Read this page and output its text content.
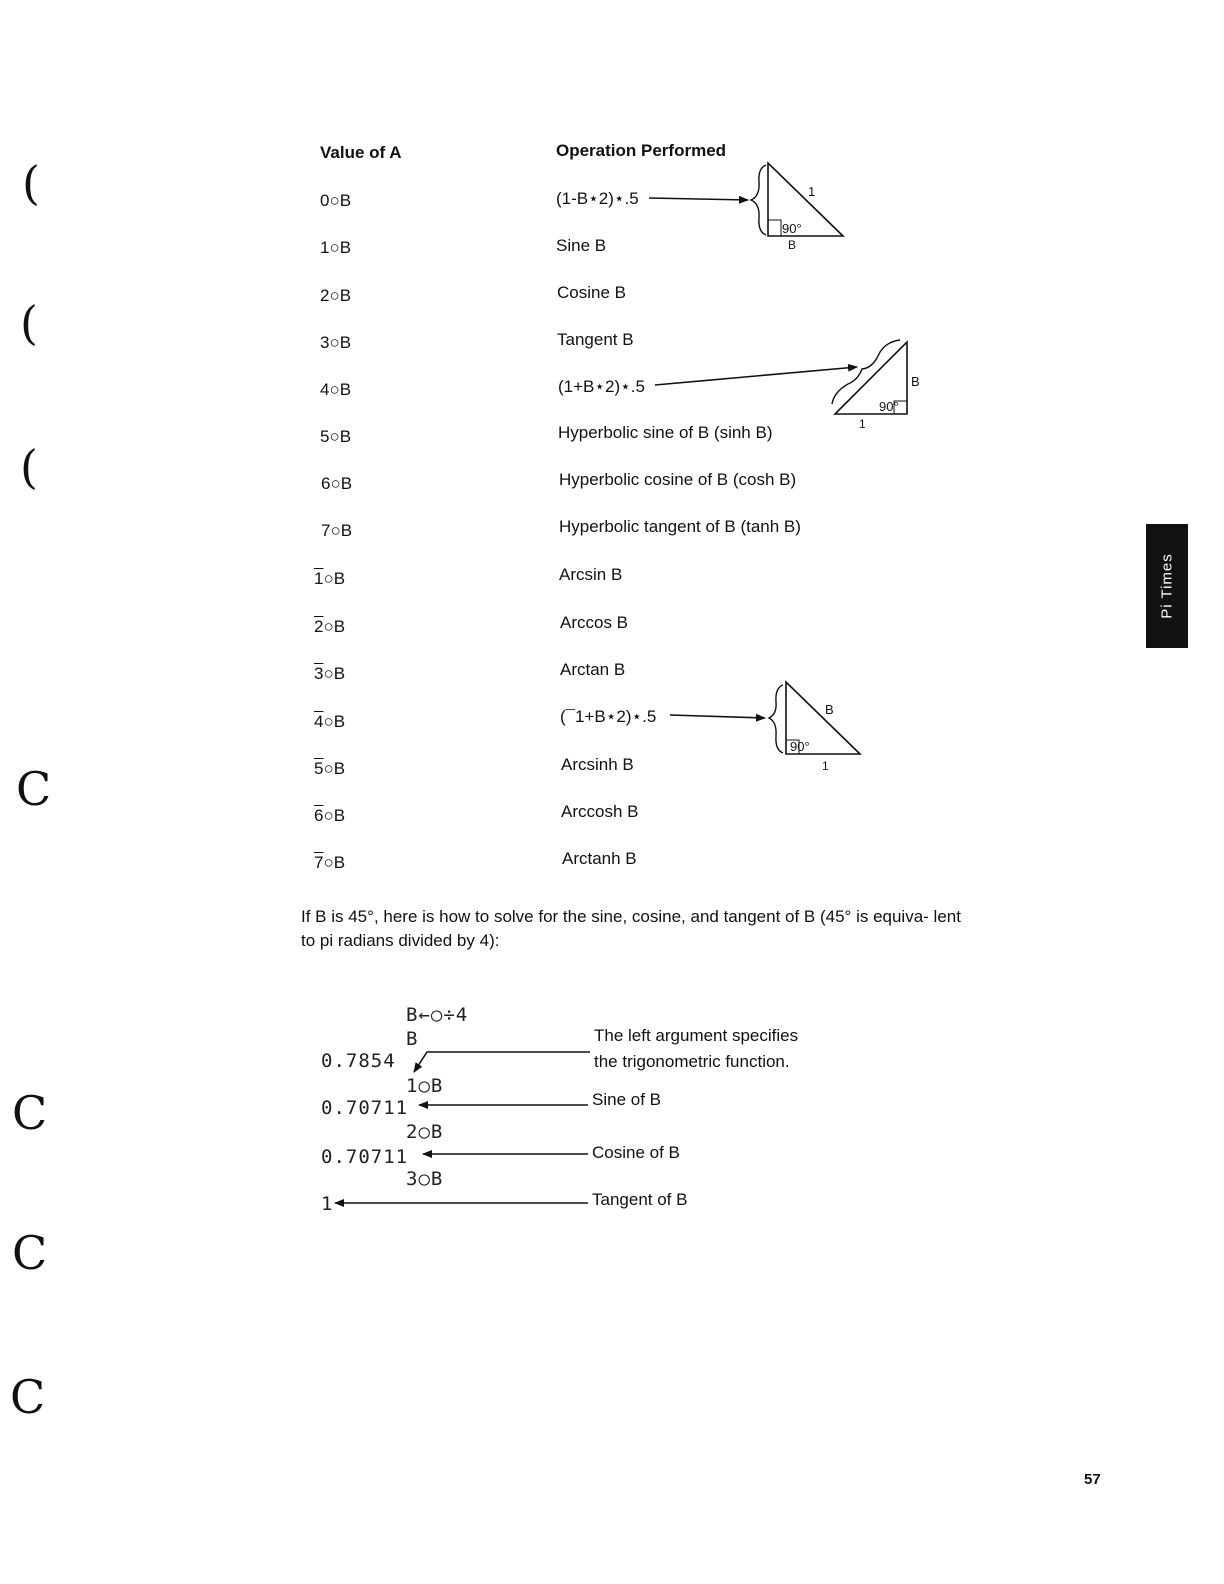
(
(
(
C
C
C
C
Value of A	Operation Performed
0○B	(1-B⋆2)⋆.5
1○B	Sine B
2○B	Cosine B
3○B	Tangent B
4○B	(1+B⋆2)⋆.5
5○B	Hyperbolic sine of B (sinh B)
6○B	Hyperbolic cosine of B (cosh B)
7○B	Hyperbolic tangent of B (tanh B)
1○B	Arcsin B
2○B	Arccos B
3○B	Arctan B
4○B	(¯1+B⋆2)⋆.5
5○B	Arcsinh B
6○B	Arccosh B
7○B	Arctanh B
1
90°
B
B
90°
1
B
90°
1
If B is 45°, here is how to solve for the sine, cosine, and tangent of B (45° is equiva- lent to pi radians divided by 4):
B←○÷4
B
0.7854
1○B
0.70711
2○B
0.70711
3○B
1
The left argument specifies
the trigonometric function.
Sine of B
Cosine of B
Tangent of B
Pi Times
57
